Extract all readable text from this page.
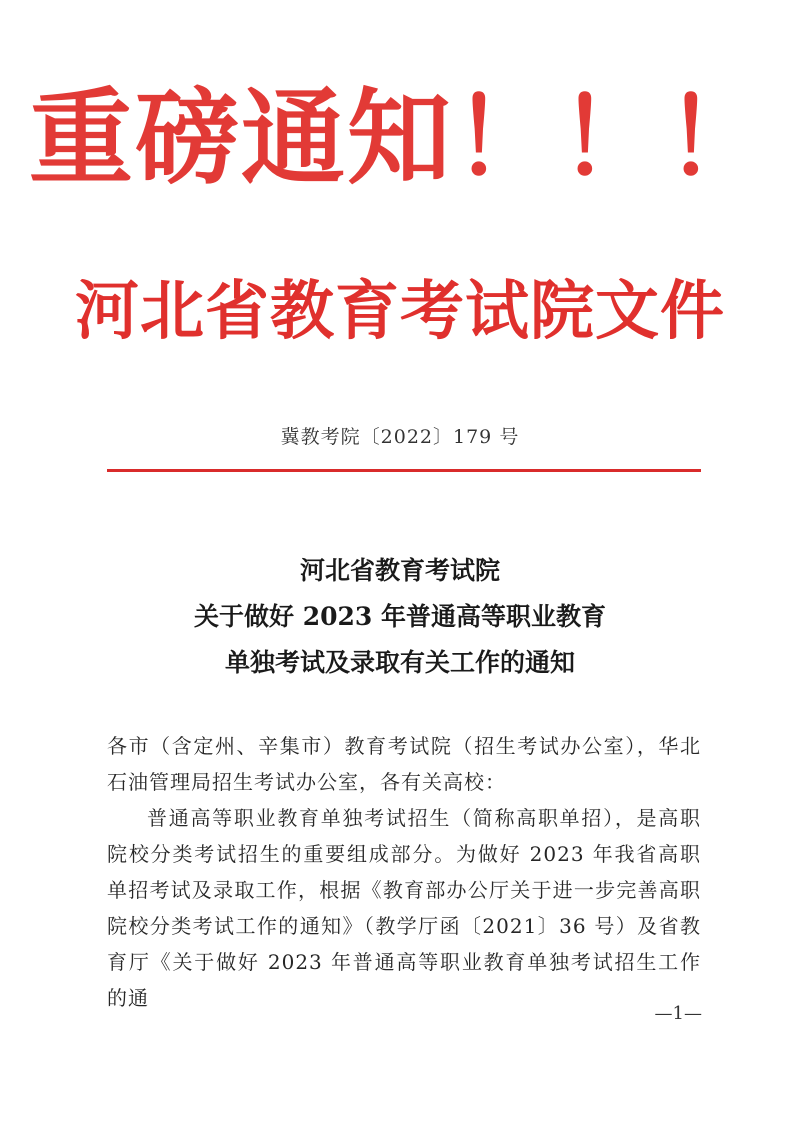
重磅通知！！！
河北省教育考试院文件
冀教考院〔2022〕179 号
河北省教育考试院
关于做好 2023 年普通高等职业教育
单独考试及录取有关工作的通知

各市（含定州、辛集市）教育考试院（招生考试办公室），华北石油管理局招生考试办公室，各有关高校：

普通高等职业教育单独考试招生（简称高职单招），是高职院校分类考试招生的重要组成部分。为做好 2023 年我省高职单招考试及录取工作，根据《教育部办公厅关于进一步完善高职院校分类考试工作的通知》（教学厅函〔2021〕36 号）及省教育厅《关于做好 2023 年普通高等职业教育单独考试招生工作的通

—1—
